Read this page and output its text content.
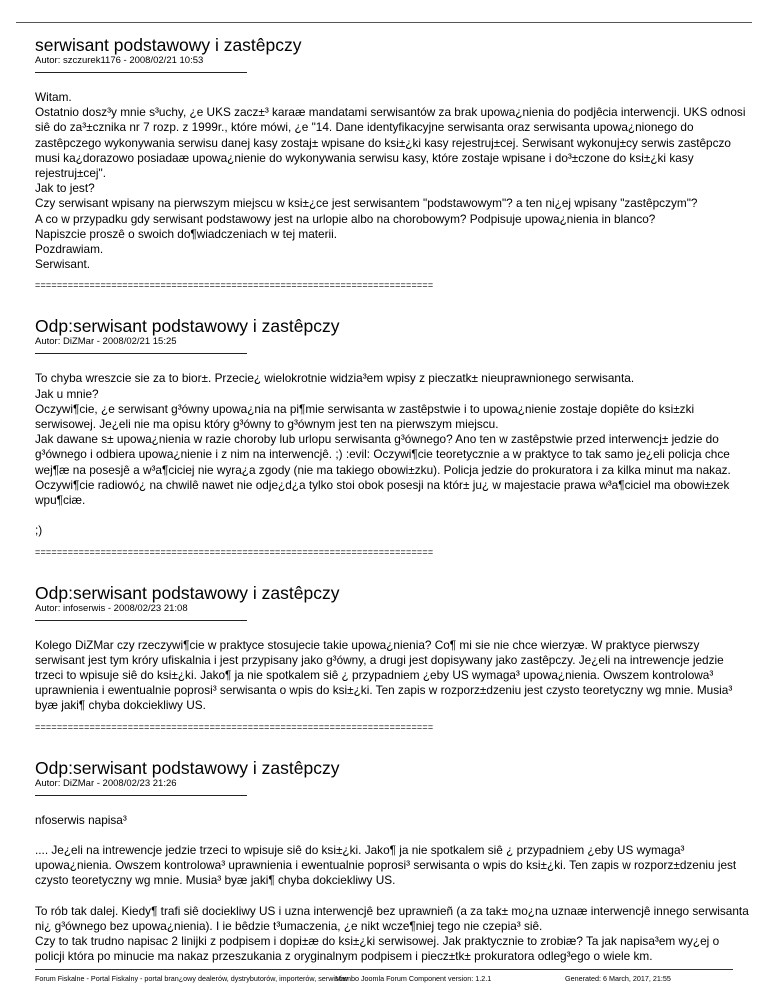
serwisant podstawowy i zastêpczy
Autor: szczurek1176 - 2008/02/21 10:53

Witam.
Ostatnio dosz³y mnie s³uchy, ¿e UKS zacz±³ karaæ mandatami serwisantów za brak upowa¿nienia do podjêcia interwencji. UKS odnosi siê do za³±cznika nr 7 rozp. z 1999r., które mówi, ¿e "14. Dane identyfikacyjne serwisanta oraz serwisanta upowa¿nionego do zastêpczego wykonywania serwisu danej kasy zostaj± wpisane do ksi±¿ki kasy rejestruj±cej. Serwisant wykonuj±cy serwis zastêpczo musi ka¿dorazowo posiadaæ upowa¿nienie do wykonywania serwisu kasy, które zostaje wpisane i do³±czone do ksi±¿ki kasy rejestruj±cej".
Jak to jest?
Czy serwisant wpisany na pierwszym miejscu w ksi±¿ce jest serwisantem "podstawowym"? a ten ni¿ej wpisany "zastêpczym"?
A co w przypadku gdy serwisant podstawowy jest na urlopie albo na chorobowym? Podpisuje upowa¿nienia in blanco?
Napiszcie proszê o swoich do¶wiadczeniach w tej materii.
Pozdrawiam.
Serwisant.

=========================================================================
Odp:serwisant podstawowy i zastêpczy
Autor: DiZMar - 2008/02/21 15:25

To chyba wreszcie sie za to bior±. Przecie¿ wielokrotnie widzia³em wpisy z pieczatk± nieuprawnionego serwisanta.
Jak u mnie?
Oczywi¶cie, ¿e serwisant g³ówny upowa¿nia na pi¶mie serwisanta w zastêpstwie i to upowa¿nienie zostaje dopiête do ksi±zki serwisowej. Je¿eli nie ma opisu który g³ówny to g³ównym jest ten na pierwszym miejscu.
Jak dawane s± upowa¿nienia w razie choroby lub urlopu serwisanta g³ównego? Ano ten w zastêpstwie przed interwencj± jedzie do g³ównego i odbiera upowa¿nienie i z nim na interwencjê. ;) :evil: Oczywi¶cie teoretycznie a w praktyce to tak samo je¿eli policja chce wej¶æ na posesjê a w³a¶ciciej nie wyra¿a zgody (nie ma takiego obowi±zku). Policja jedzie do prokuratora i za kilka minut ma nakaz. Oczywi¶cie radiowó¿ na chwilê nawet nie odje¿d¿a tylko stoi obok posesji na któr± ju¿ w majestacie prawa w³a¶ciciel ma obowi±zek wpu¶ciæ.

;)

=========================================================================
Odp:serwisant podstawowy i zastêpczy
Autor: infoserwis - 2008/02/23 21:08

Kolego DiZMar czy rzeczywi¶cie w praktyce stosujecie takie upowa¿nienia? Co¶ mi sie nie chce wierzyæ. W praktyce pierwszy serwisant jest tym króry ufiskalnia i jest przypisany jako g³ówny, a drugi jest dopisywany jako zastêpczy. Je¿eli na intrewencje jedzie trzeci to wpisuje siê do ksi±¿ki. Jako¶ ja nie spotkalem siê ¿ przypadniem ¿eby US wymaga³ upowa¿nienia. Owszem kontrolowa³ uprawnienia i ewentualnie poprosi³ serwisanta o wpis do ksi±¿ki. Ten zapis w rozporz±dzeniu jest czysto teoretyczny wg mnie. Musia³ byæ jaki¶ chyba dokciekliwy US.

=========================================================================
Odp:serwisant podstawowy i zastêpczy
Autor: DiZMar - 2008/02/23 21:26

nfoserwis napisa³

.... Je¿eli na intrewencje jedzie trzeci to wpisuje siê do ksi±¿ki. Jako¶ ja nie spotkalem siê ¿ przypadniem ¿eby US wymaga³ upowa¿nienia. Owszem kontrolowa³ uprawnienia i ewentualnie poprosi³ serwisanta o wpis do ksi±¿ki. Ten zapis w rozporz±dzeniu jest czysto teoretyczny wg mnie. Musia³ byæ jaki¶ chyba dokciekliwy US.

To rób tak dalej. Kiedy¶ trafi siê dociekliwy US i uzna interwencjê bez uprawnieñ (a za tak± mo¿na uznaæ interwencjê innego serwisanta ni¿ g³ównego bez upowa¿nienia). I ie bêdzie t³umaczenia, ¿e nikt wcze¶niej tego nie czepia³ siê.
Czy to tak trudno napisac 2 linijki z podpisem i dopi±æ do ksi±¿ki serwisowej. Jak praktycznie to zrobiæ? Ta jak napisa³em wy¿ej o policji która po minucie ma nakaz przeszukania z oryginalnym podpisem i piecz±tk± prokuratora odleg³ego o wiele km.

Forum Fiskalne - Portal Fiskalny - portal bran¿owy dealerów, dystrybutorów, importerów, serwisów
Mambo Joomla Forum Component version: 1.2.1	Generated: 6 March, 2017, 21:55
